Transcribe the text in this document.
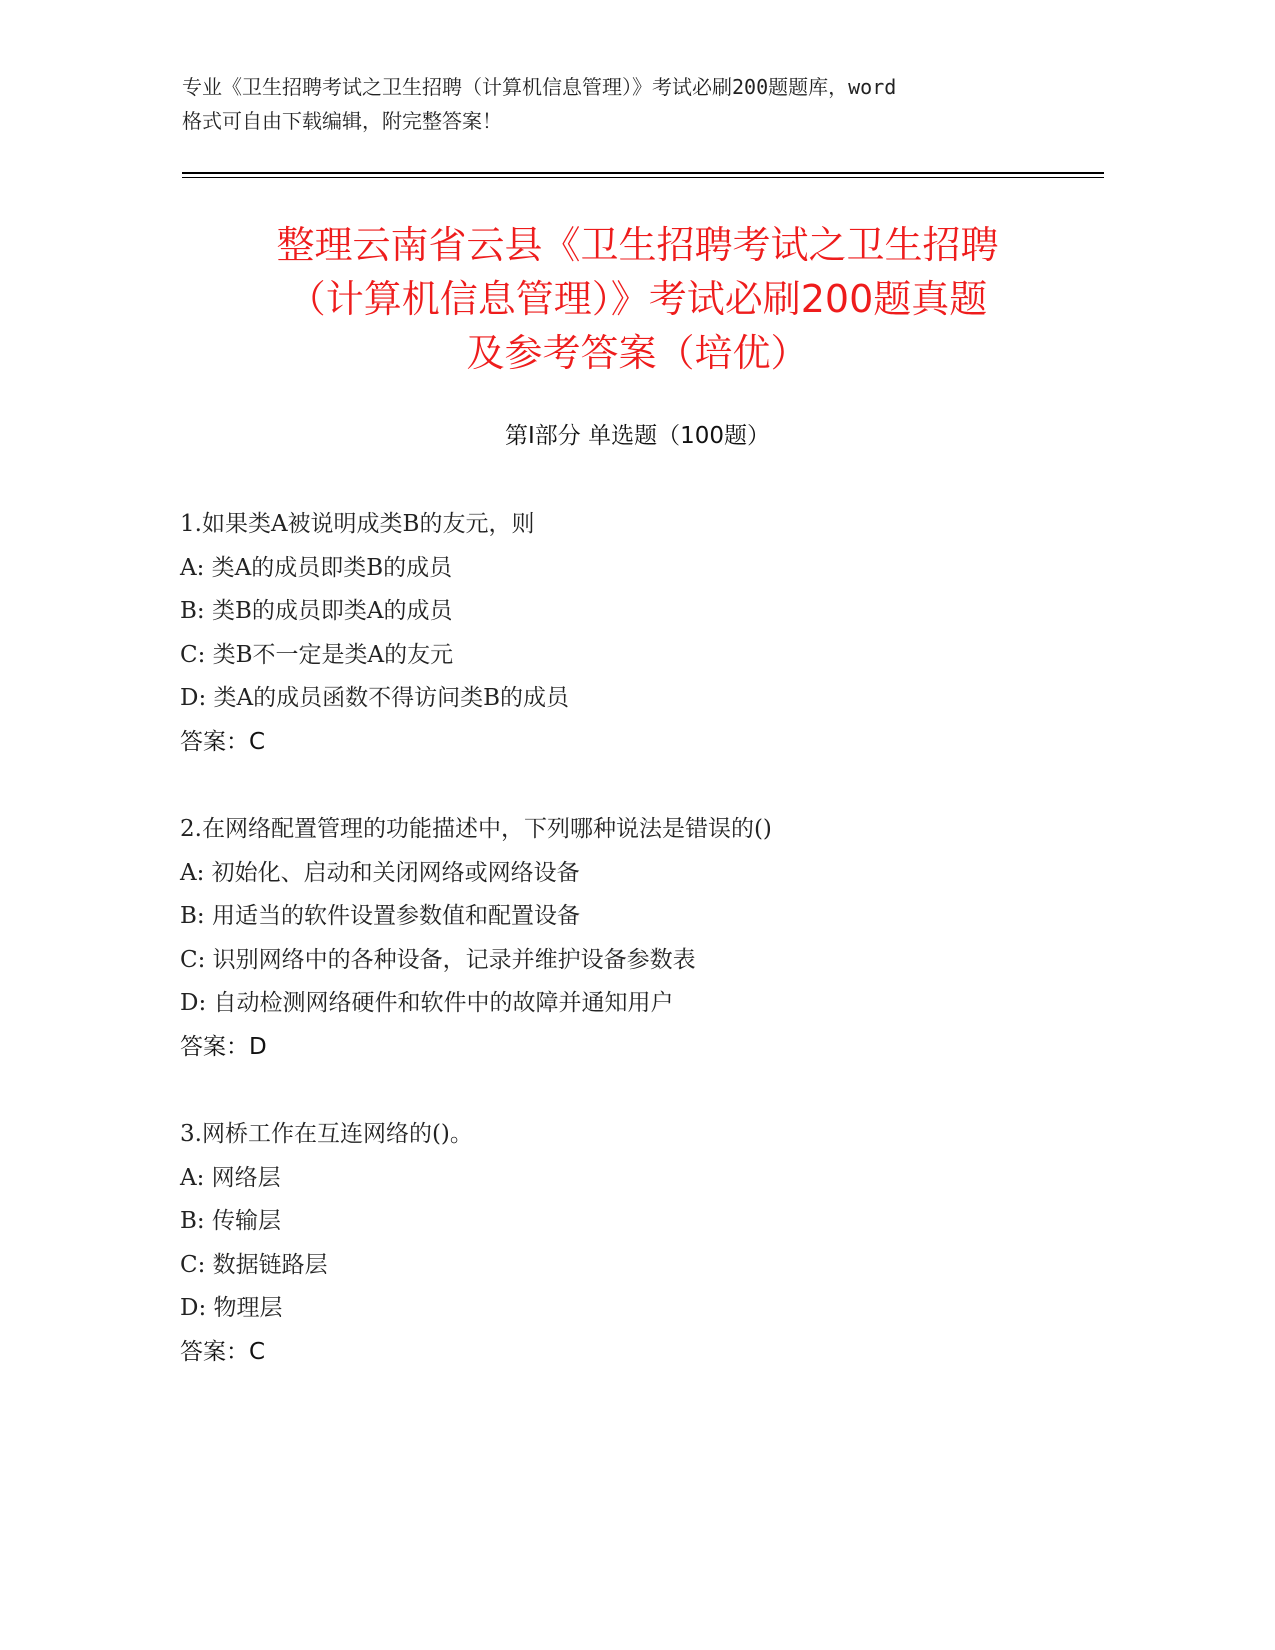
专业《卫生招聘考试之卫生招聘（计算机信息管理）》考试必刷200题题库，word
格式可自由下载编辑，附完整答案！
整理云南省云县《卫生招聘考试之卫生招聘
（计算机信息管理）》考试必刷200题真题
及参考答案（培优）
第Ⅰ部分 单选题（100题）
1.如果类A被说明成类B的友元，则
A: 类A的成员即类B的成员
B: 类B的成员即类A的成员
C: 类B不一定是类A的友元
D: 类A的成员函数不得访问类B的成员
答案：C
2.在网络配置管理的功能描述中，下列哪种说法是错误的()
A: 初始化、启动和关闭网络或网络设备
B: 用适当的软件设置参数值和配置设备
C: 识别网络中的各种设备，记录并维护设备参数表
D: 自动检测网络硬件和软件中的故障并通知用户
答案：D
3.网桥工作在互连网络的()。
A: 网络层
B: 传输层
C: 数据链路层
D: 物理层
答案：C
